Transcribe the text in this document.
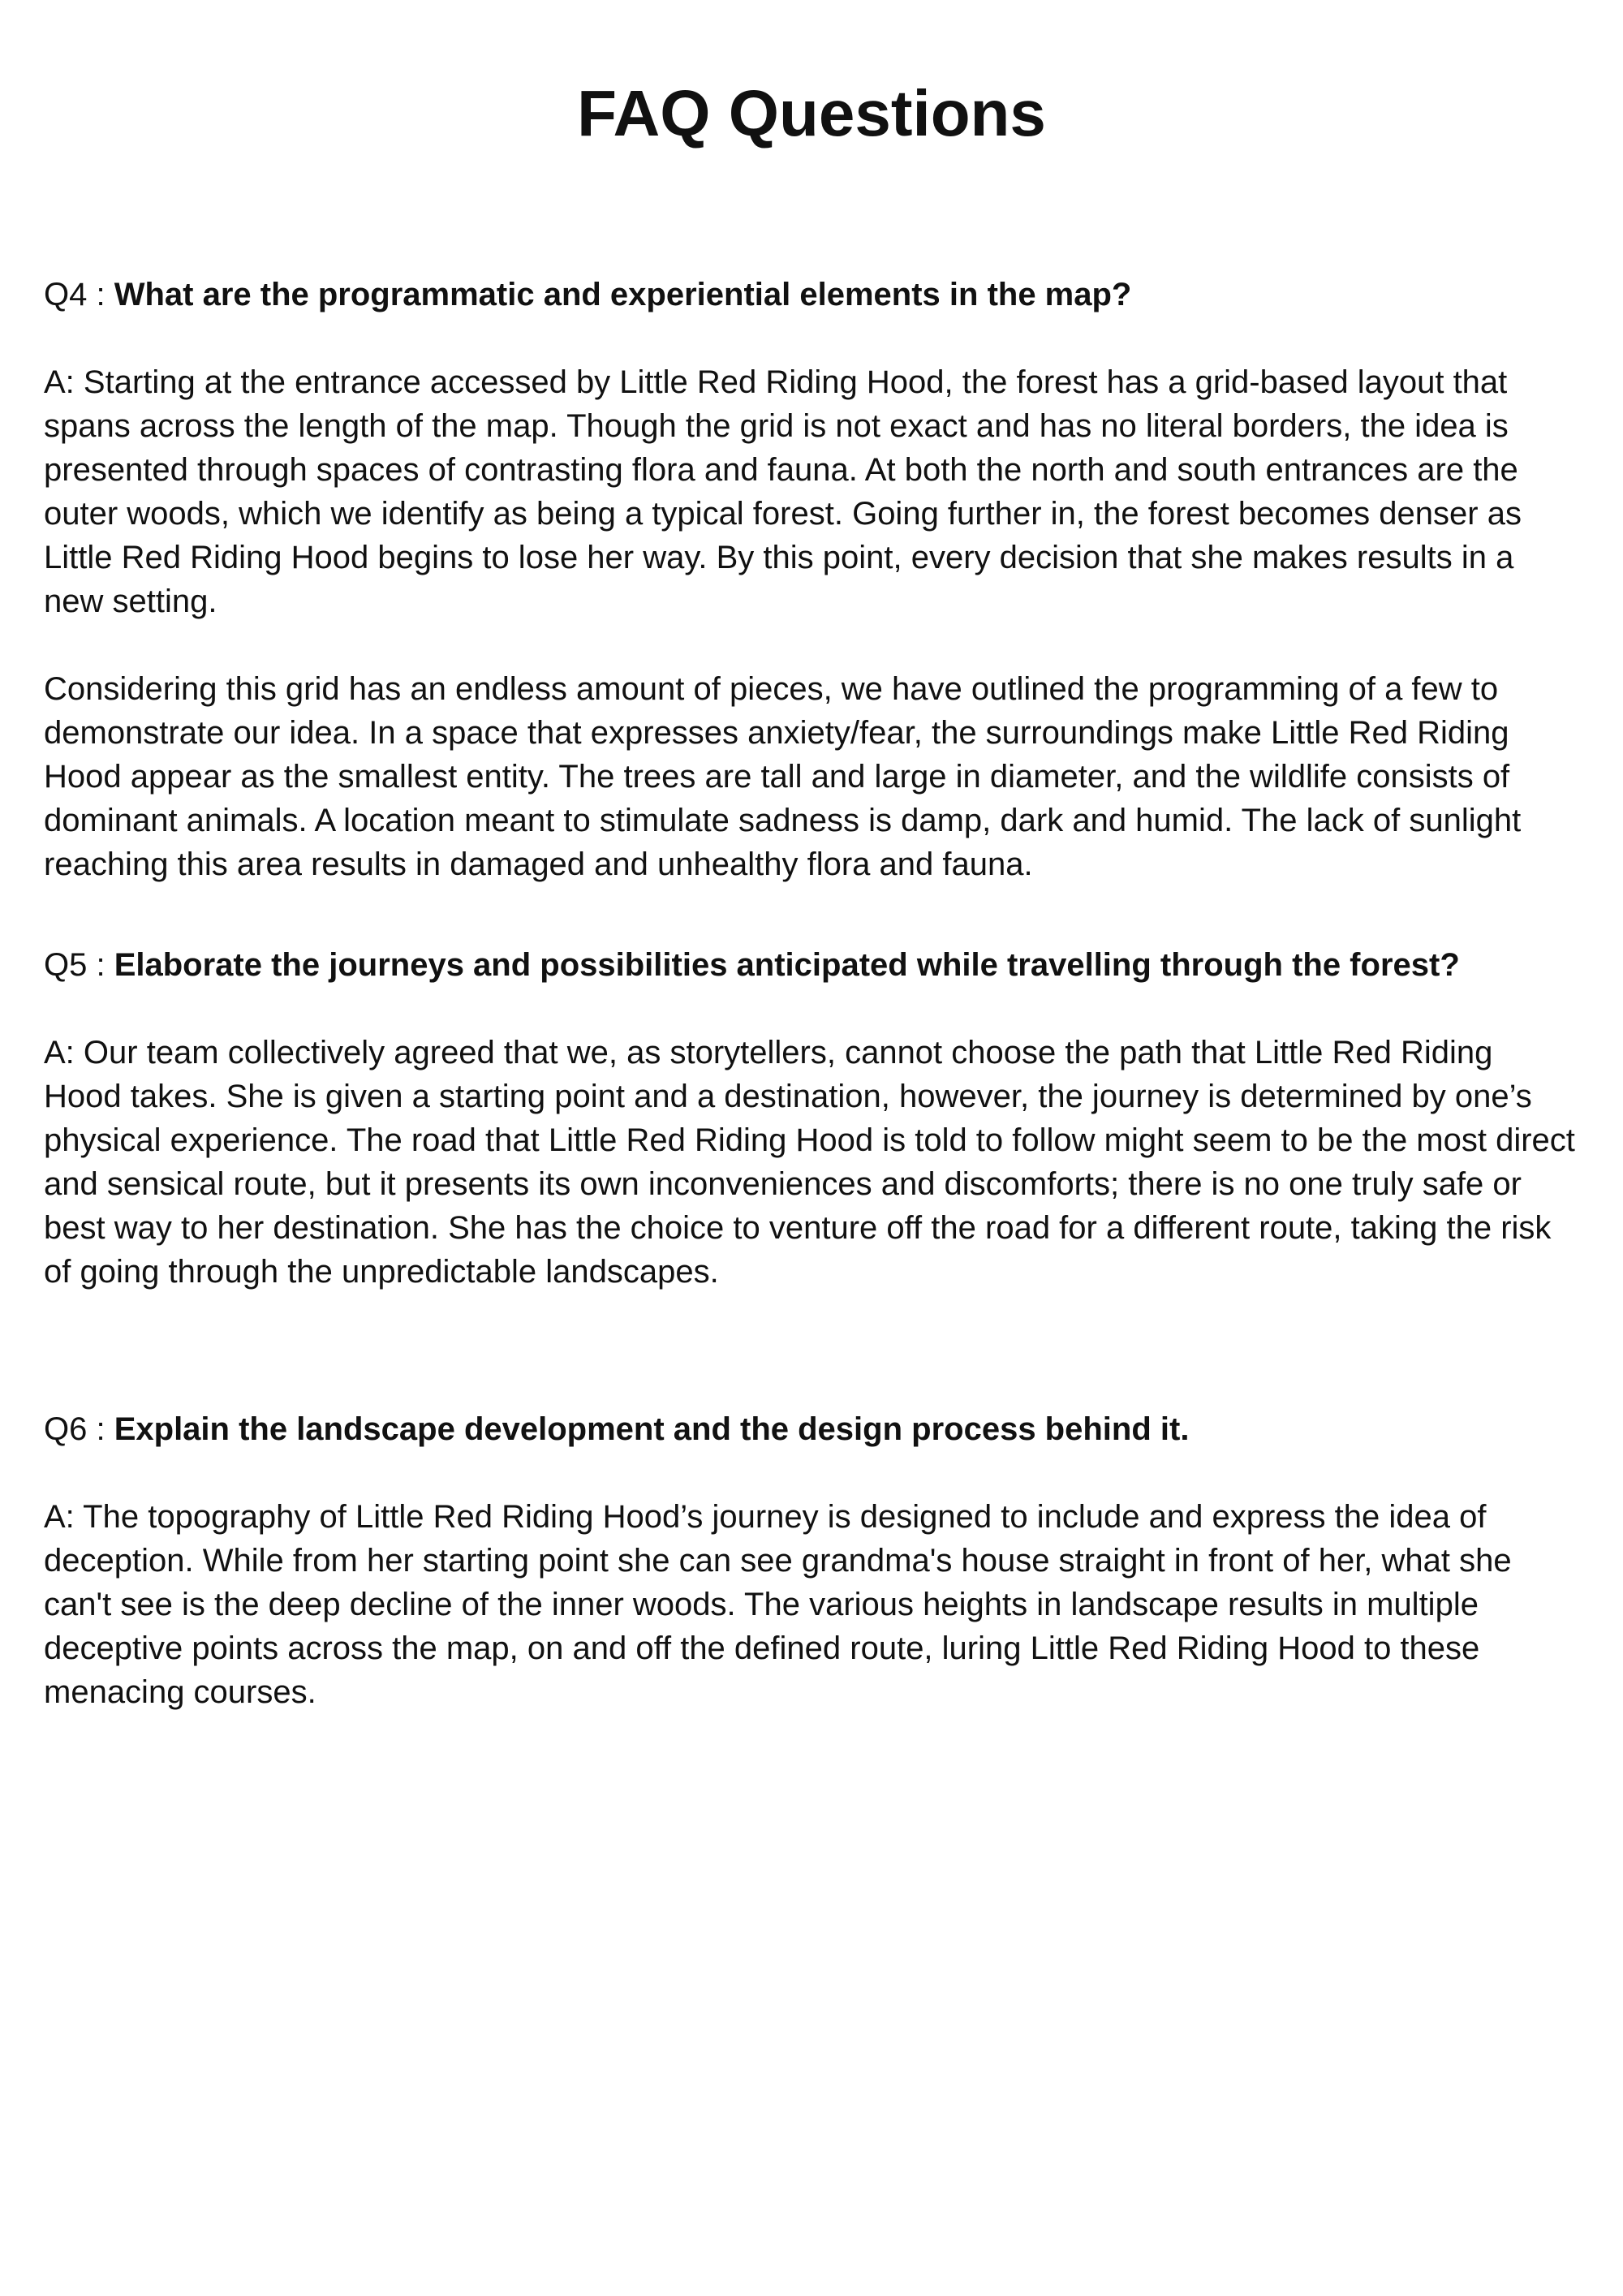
FAQ Questions

Q4 : What are the programmatic and experiential elements in the map?

A: Starting at the entrance accessed by Little Red Riding Hood, the forest has a grid-based layout that spans across the length of the map. Though the grid is not exact and has no literal borders, the idea is presented through spaces of contrasting flora and fauna. At both the north and south entrances are the outer woods, which we identify as being a typical forest. Going further in, the forest becomes denser as Little Red Riding Hood begins to lose her way. By this point, every decision that she makes results in a new setting.

Considering this grid has an endless amount of pieces, we have outlined the programming of a few to demonstrate our idea. In a space that expresses anxiety/fear, the surroundings make Little Red Riding Hood appear as the smallest entity. The trees are tall and large in diameter, and the wildlife consists of dominant animals. A location meant to stimulate sadness is damp, dark and humid. The lack of sunlight reaching this area results in damaged and unhealthy flora and fauna.

Q5 : Elaborate the journeys and possibilities anticipated while travelling through the forest?

A: Our team collectively agreed that we, as storytellers, cannot choose the path that Little Red Riding Hood takes. She is given a starting point and a destination, however, the journey is determined by one’s physical experience. The road that Little Red Riding Hood is told to follow might seem to be the most direct and sensical route, but it presents its own inconveniences and discomforts; there is no one truly safe or best way to her destination. She has the choice to venture off the road for a different route, taking the risk of going through the unpredictable landscapes.

Q6 : Explain the landscape development and the design process behind it.

A: The topography of Little Red Riding Hood’s journey is designed to include and express the idea of deception. While from her starting point she can see grandma's house straight in front of her, what she can't see is the deep decline of the inner woods. The various heights in landscape results in multiple deceptive points across the map, on and off the defined route, luring Little Red Riding Hood to these menacing courses.
